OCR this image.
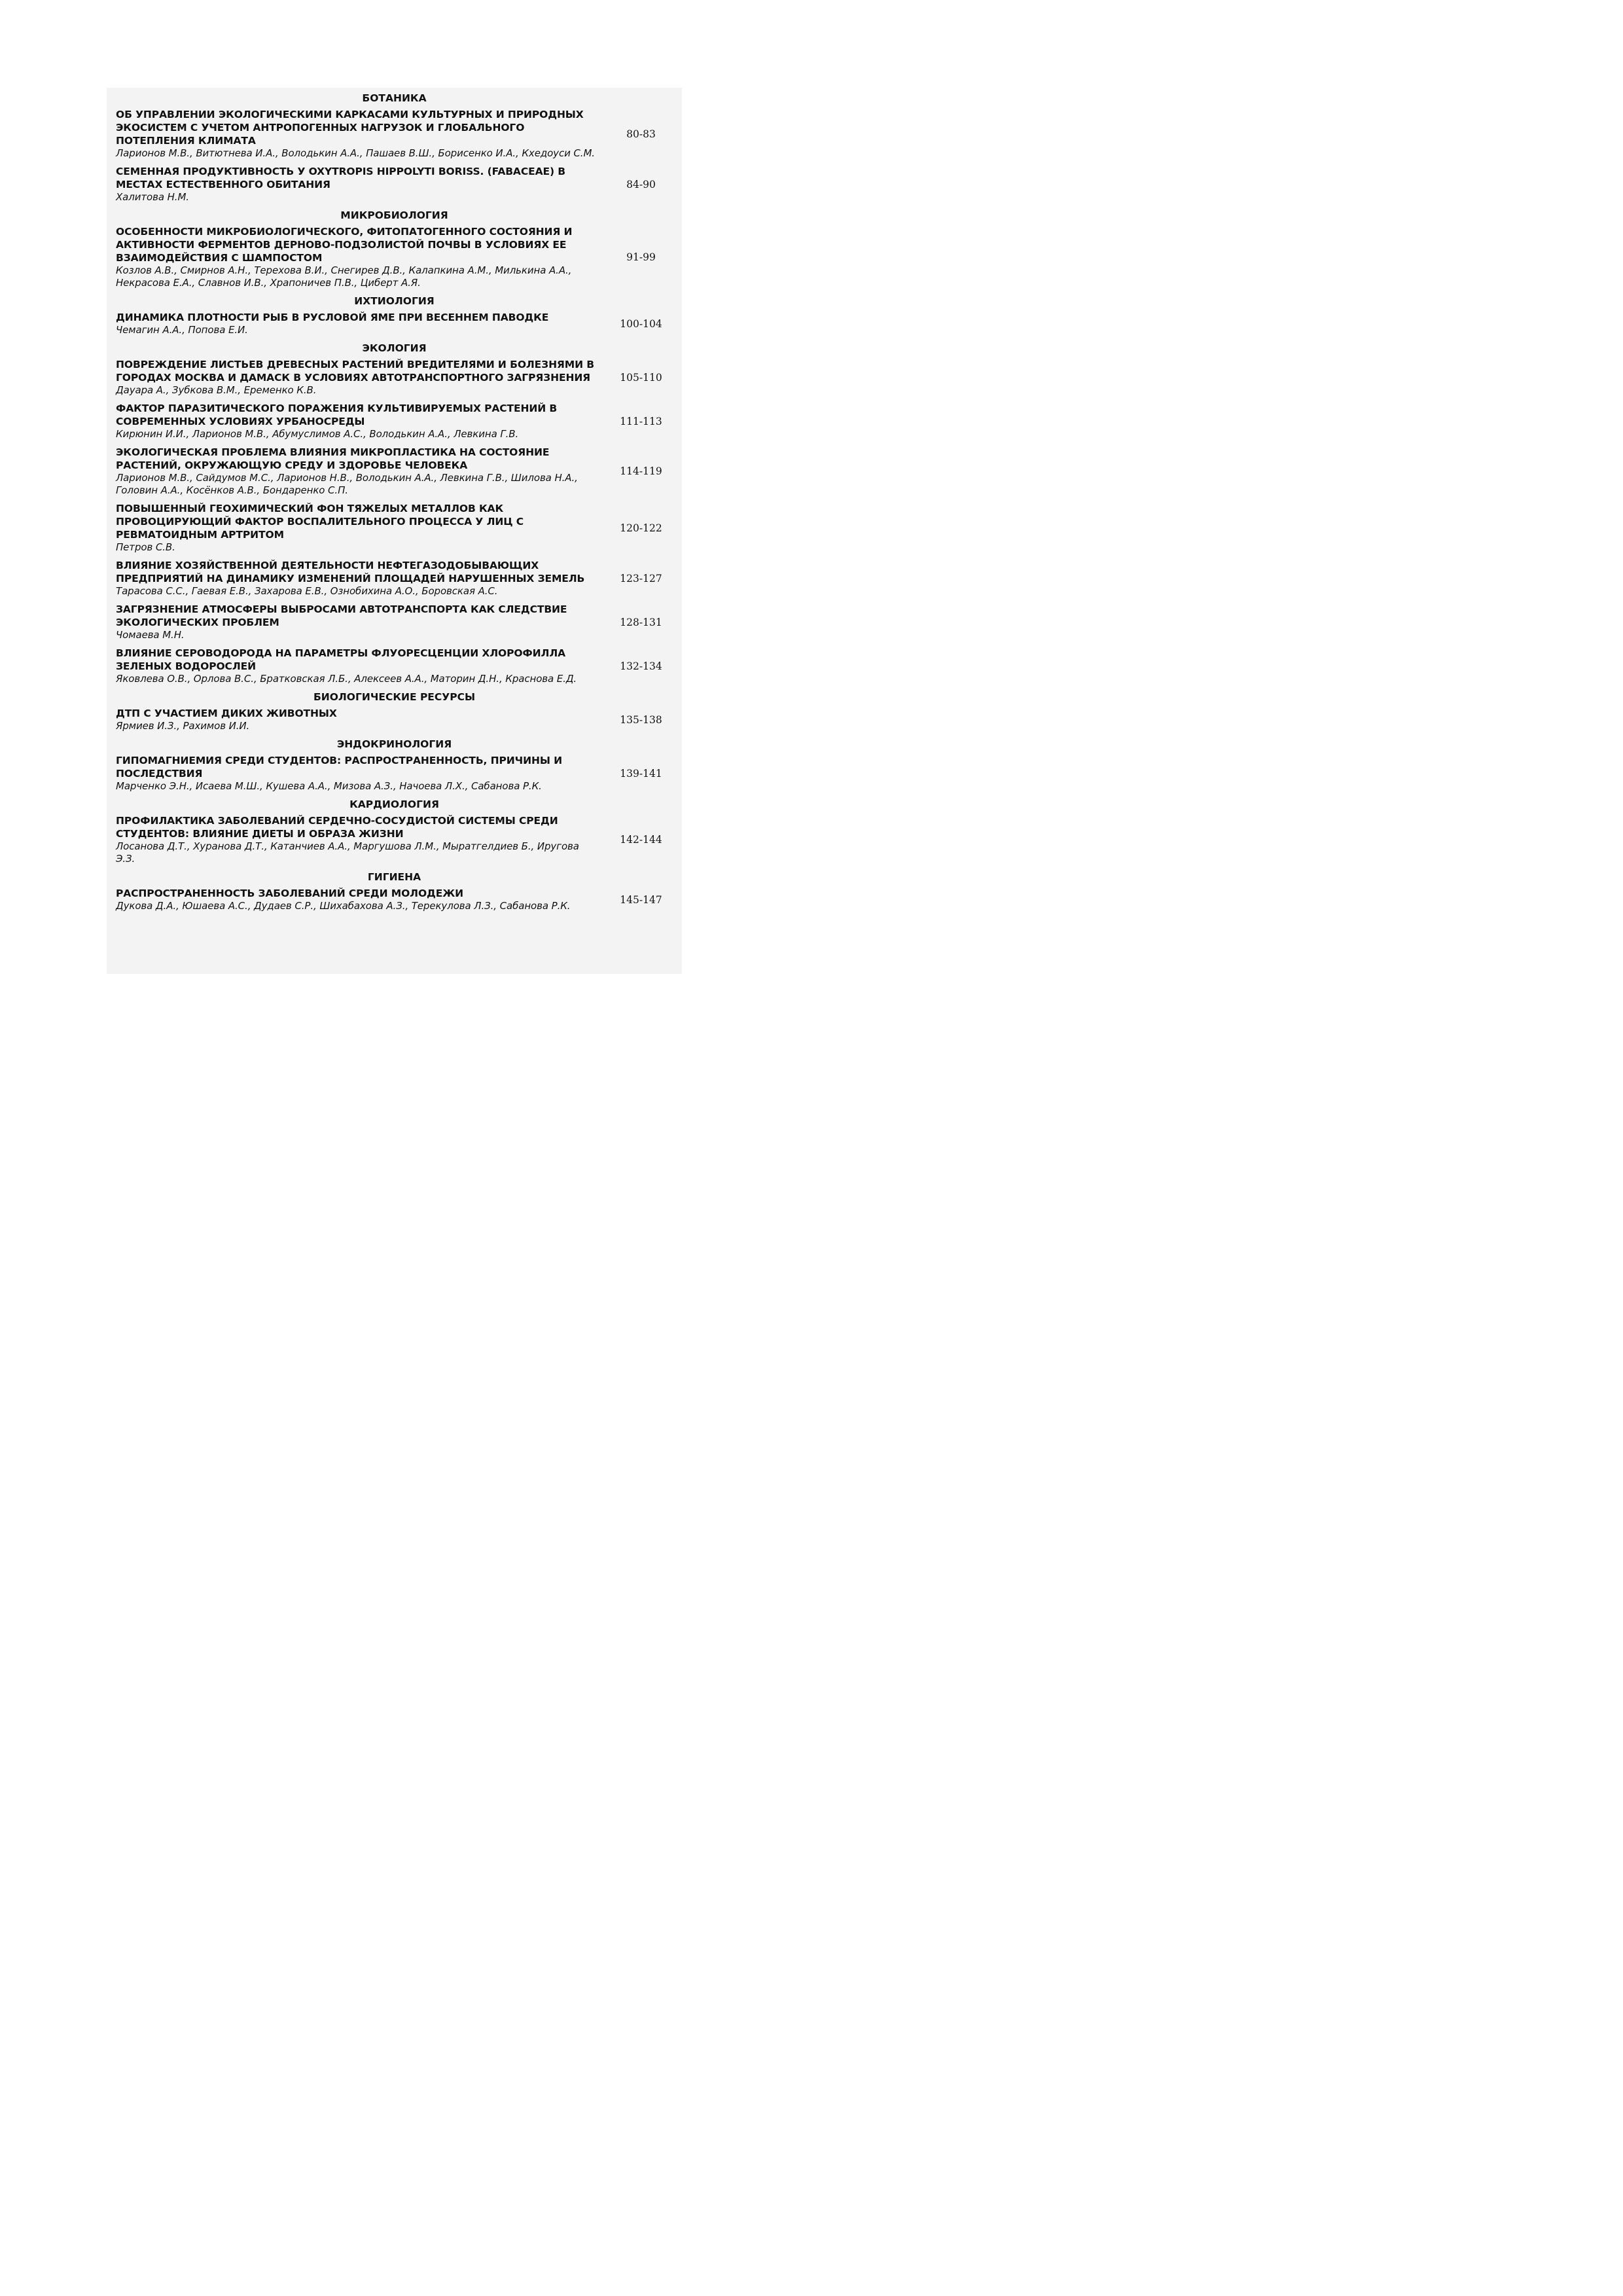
БОТАНИКА
ОБ УПРАВЛЕНИИ ЭКОЛОГИЧЕСКИМИ КАРКАСАМИ КУЛЬТУРНЫХ И ПРИРОДНЫХ ЭКОСИСТЕМ С УЧЕТОМ АНТРОПОГЕННЫХ НАГРУЗОК И ГЛОБАЛЬНОГО ПОТЕПЛЕНИЯ КЛИМАТА
Ларионов М.В., Витютнева И.А., Володькин А.А., Пашаев В.Ш., Борисенко И.А., Кхедоуси С.М.
80-83
СЕМЕННАЯ ПРОДУКТИВНОСТЬ У OXYTROPIS HIPPOLYTI BORISS. (FABACEAE) В МЕСТАХ ЕСТЕСТВЕННОГО ОБИТАНИЯ
Халитова Н.М.
84-90
МИКРОБИОЛОГИЯ
ОСОБЕННОСТИ МИКРОБИОЛОГИЧЕСКОГО, ФИТОПАТОГЕННОГО СОСТОЯНИЯ И АКТИВНОСТИ ФЕРМЕНТОВ ДЕРНОВО-ПОДЗОЛИСТОЙ ПОЧВЫ В УСЛОВИЯХ ЕЕ ВЗАИМОДЕЙСТВИЯ С ШАМПОСТОМ
Козлов А.В., Смирнов А.Н., Терехова В.И., Снегирев Д.В., Калапкина А.М., Милькина А.А., Некрасова Е.А., Славнов И.В., Храпоничев П.В., Циберт А.Я.
91-99
ИХТИОЛОГИЯ
ДИНАМИКА ПЛОТНОСТИ РЫБ В РУСЛОВОЙ ЯМЕ ПРИ ВЕСЕННЕМ ПАВОДКЕ
Чемагин А.А., Попова Е.И.
100-104
ЭКОЛОГИЯ
ПОВРЕЖДЕНИЕ ЛИСТЬЕВ ДРЕВЕСНЫХ РАСТЕНИЙ ВРЕДИТЕЛЯМИ И БОЛЕЗНЯМИ В ГОРОДАХ МОСКВА И ДАМАСК В УСЛОВИЯХ АВТОТРАНСПОРТНОГО ЗАГРЯЗНЕНИЯ
Дауара А., Зубкова В.М., Еременко К.В.
105-110
ФАКТОР ПАРАЗИТИЧЕСКОГО ПОРАЖЕНИЯ КУЛЬТИВИРУЕМЫХ РАСТЕНИЙ В СОВРЕМЕННЫХ УСЛОВИЯХ УРБАНОСРЕДЫ
Кирюнин И.И., Ларионов М.В., Абумуслимов А.С., Володькин А.А., Левкина Г.В.
111-113
ЭКОЛОГИЧЕСКАЯ ПРОБЛЕМА ВЛИЯНИЯ МИКРОПЛАСТИКА НА СОСТОЯНИЕ РАСТЕНИЙ, ОКРУЖАЮЩУЮ СРЕДУ И ЗДОРОВЬЕ ЧЕЛОВЕКА
Ларионов М.В., Сайдумов М.С., Ларионов Н.В., Володькин А.А., Левкина Г.В., Шилова Н.А., Головин А.А., Косёнков А.В., Бондаренко С.П.
114-119
ПОВЫШЕННЫЙ ГЕОХИМИЧЕСКИЙ ФОН ТЯЖЕЛЫХ МЕТАЛЛОВ КАК ПРОВОЦИРУЮЩИЙ ФАКТОР ВОСПАЛИТЕЛЬНОГО ПРОЦЕССА У ЛИЦ С РЕВМАТОИДНЫМ АРТРИТОМ
Петров С.В.
120-122
ВЛИЯНИЕ ХОЗЯЙСТВЕННОЙ ДЕЯТЕЛЬНОСТИ НЕФТЕГАЗОДОБЫВАЮЩИХ ПРЕДПРИЯТИЙ НА ДИНАМИКУ ИЗМЕНЕНИЙ ПЛОЩАДЕЙ НАРУШЕННЫХ ЗЕМЕЛЬ
Тарасова С.С., Гаевая Е.В., Захарова Е.В., Ознобихина А.О., Боровская А.С.
123-127
ЗАГРЯЗНЕНИЕ АТМОСФЕРЫ ВЫБРОСАМИ АВТОТРАНСПОРТА КАК СЛЕДСТВИЕ ЭКОЛОГИЧЕСКИХ ПРОБЛЕМ
Чомаева М.Н.
128-131
ВЛИЯНИЕ СЕРОВОДОРОДА НА ПАРАМЕТРЫ ФЛУОРЕСЦЕНЦИИ ХЛОРОФИЛЛА ЗЕЛЕНЫХ ВОДОРОСЛЕЙ
Яковлева О.В., Орлова В.С., Братковская Л.Б., Алексеев А.А., Маторин Д.Н., Краснова Е.Д.
132-134
БИОЛОГИЧЕСКИЕ РЕСУРСЫ
ДТП С УЧАСТИЕМ ДИКИХ ЖИВОТНЫХ
Ярмиев И.З., Рахимов И.И.
135-138
ЭНДОКРИНОЛОГИЯ
ГИПОМАГНИЕМИЯ СРЕДИ СТУДЕНТОВ: РАСПРОСТРАНЕННОСТЬ, ПРИЧИНЫ И ПОСЛЕДСТВИЯ
Марченко Э.Н., Исаева М.Ш., Кушева А.А., Мизова А.З., Начоева Л.Х., Сабанова Р.К.
139-141
КАРДИОЛОГИЯ
ПРОФИЛАКТИКА ЗАБОЛЕВАНИЙ СЕРДЕЧНО-СОСУДИСТОЙ СИСТЕМЫ СРЕДИ СТУДЕНТОВ: ВЛИЯНИЕ ДИЕТЫ И ОБРАЗА ЖИЗНИ
Лосанова Д.Т., Хуранова Д.Т., Катанчиев А.А., Маргушова Л.М., Мыратгелдиев Б., Иругова Э.З.
142-144
ГИГИЕНА
РАСПРОСТРАНЕННОСТЬ ЗАБОЛЕВАНИЙ СРЕДИ МОЛОДЕЖИ
Дукова Д.А., Юшаева А.С., Дудаев С.Р., Шихабахова А.З., Терекулова Л.З., Сабанова Р.К.
145-147
